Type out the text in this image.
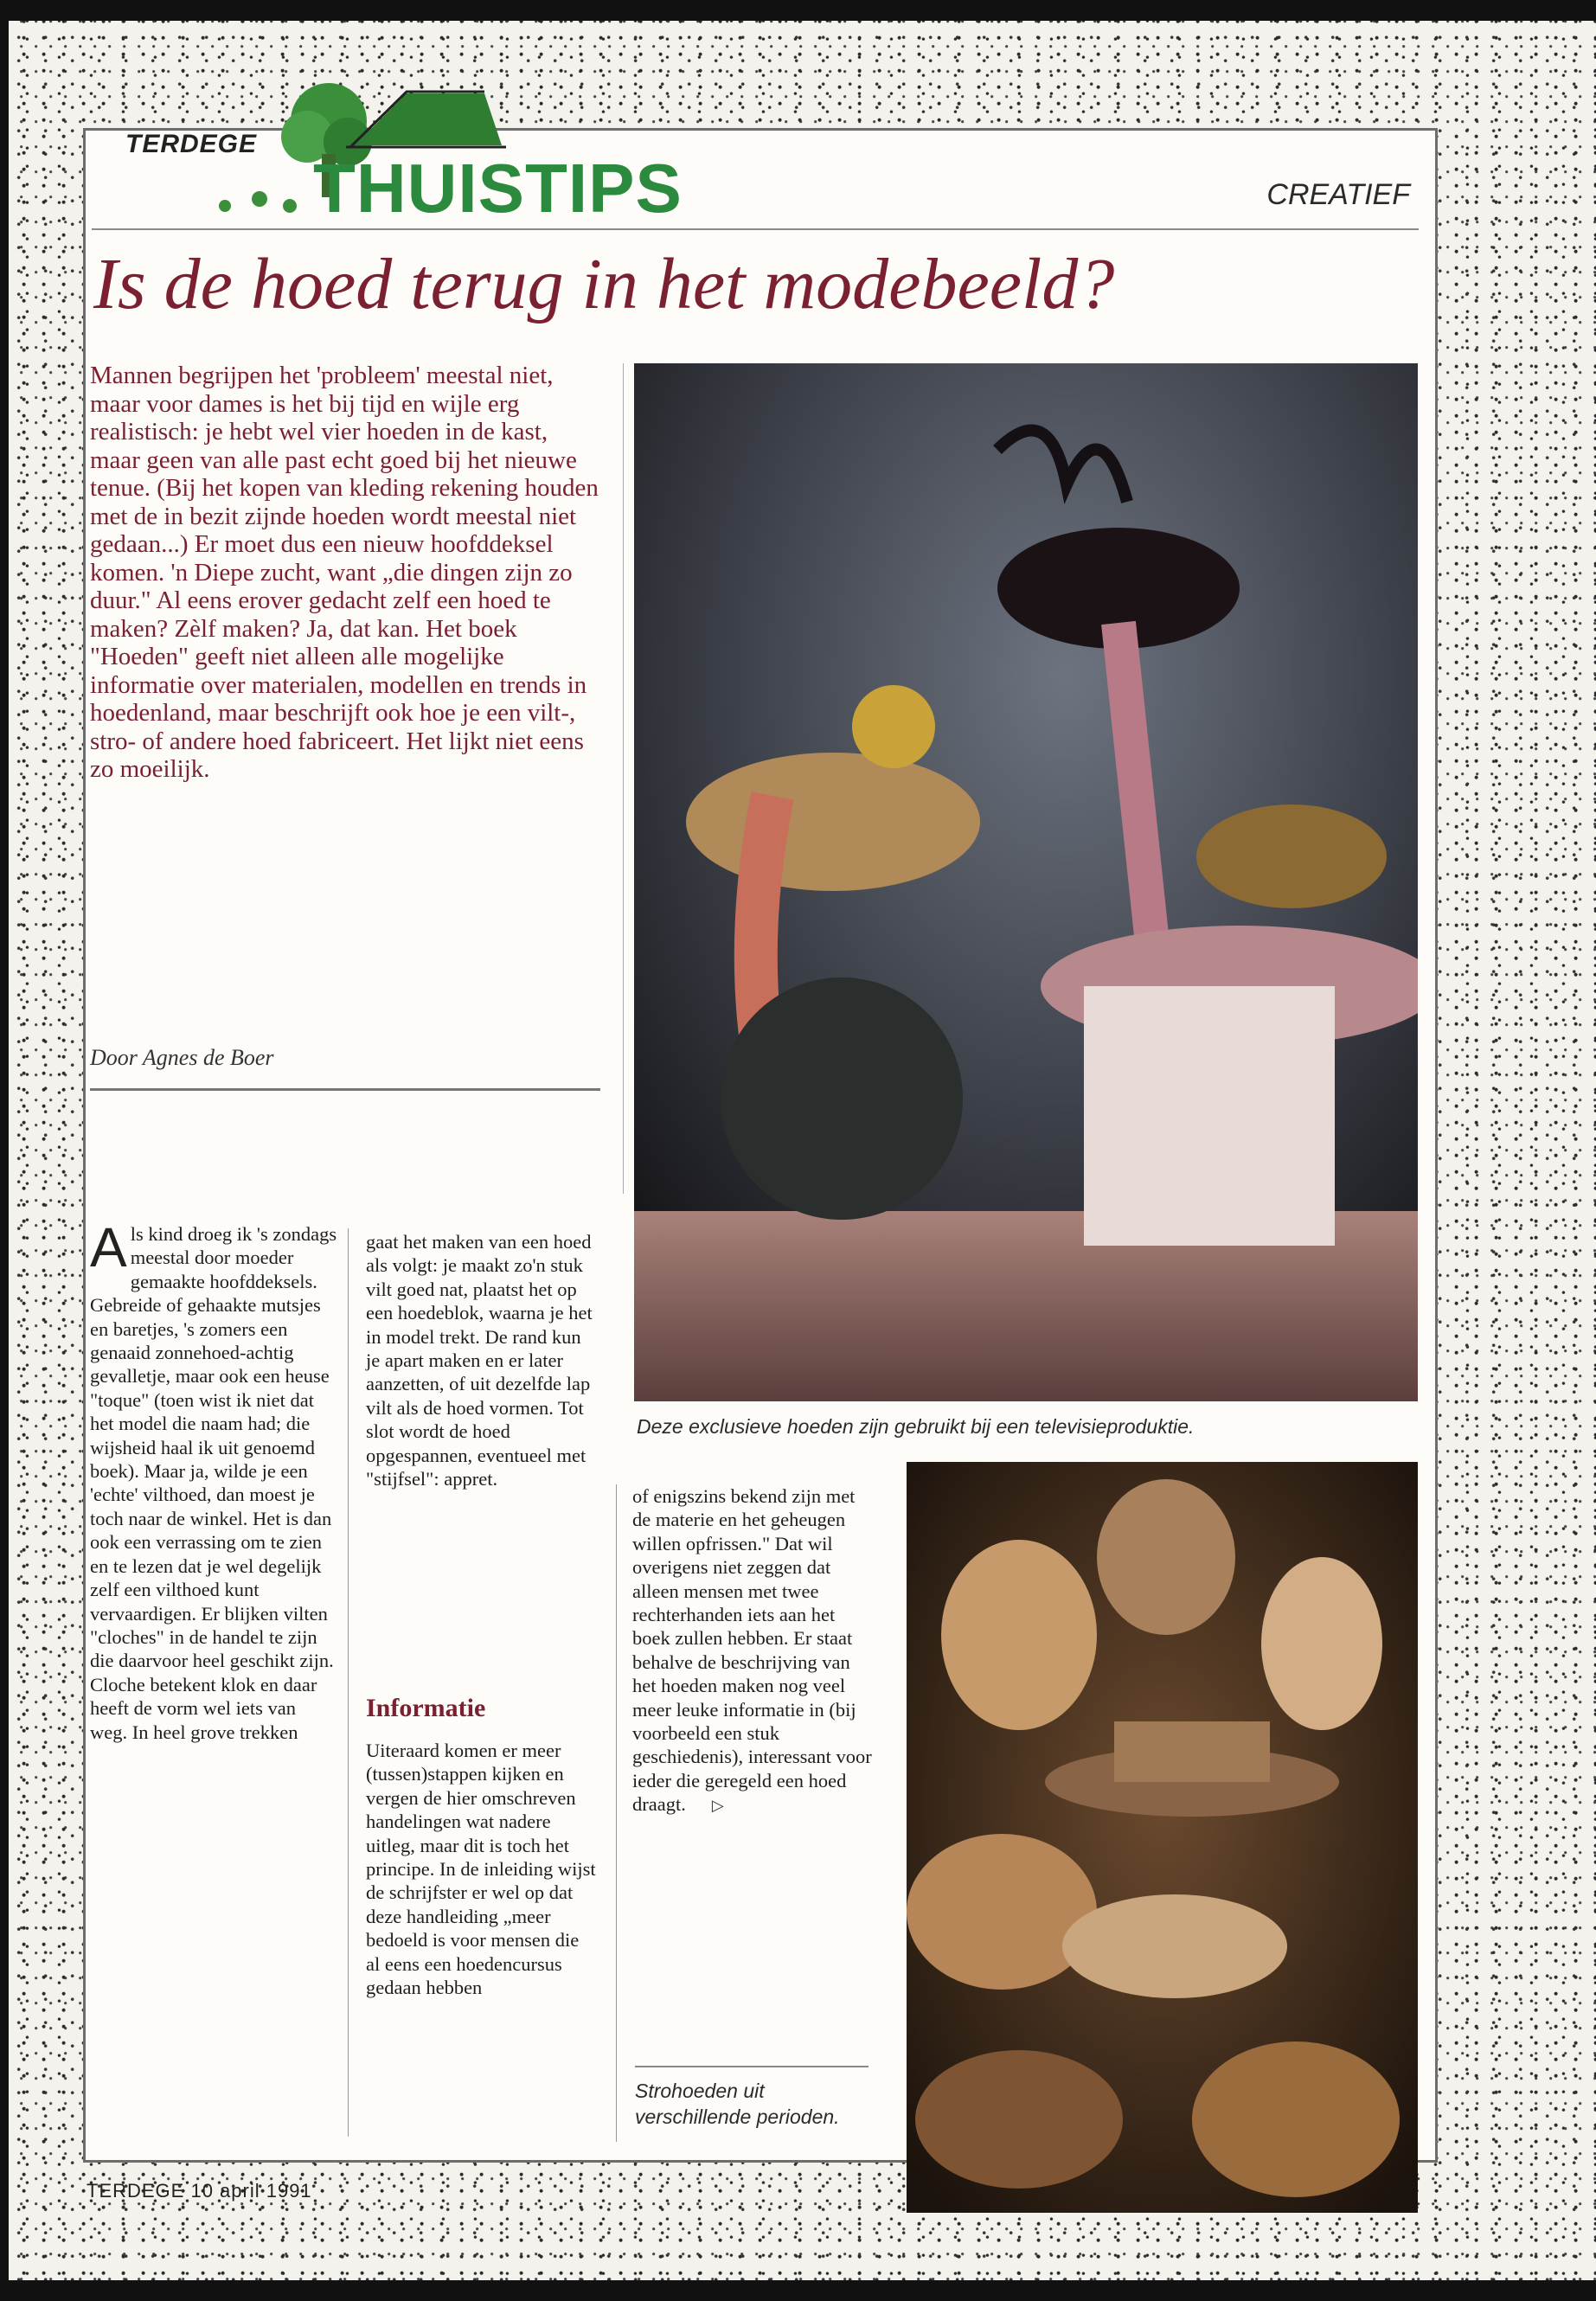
TERDEGE
THUISTIPS	CREATIEF
Is de hoed terug in het modebeeld?

Mannen begrijpen het 'probleem' meestal niet, maar voor dames is het bij tijd en wijle erg realistisch: je hebt wel vier hoeden in de kast, maar geen van alle past echt goed bij het nieuwe tenue. (Bij het kopen van kleding rekening houden met de in bezit zijnde hoeden wordt meestal niet gedaan...) Er moet dus een nieuw hoofddeksel komen. 'n Diepe zucht, want „die dingen zijn zo duur." Al eens erover gedacht zelf een hoed te maken? Zèlf maken? Ja, dat kan. Het boek "Hoeden" geeft niet alleen alle mogelijke informatie over materialen, modellen en trends in hoedenland, maar beschrijft ook hoe je een vilt-, stro- of andere hoed fabriceert. Het lijkt niet eens zo moeilijk.

Door Agnes de Boer
Deze exclusieve hoeden zijn gebruikt bij een televisieproduktie.

Als kind droeg ik 's zondags meestal door moeder gemaakte hoofddeksels. Gebreide of gehaakte mutsjes en baretjes, 's zomers een genaaid zonnehoed-achtig gevalletje, maar ook een heuse "toque" (toen wist ik niet dat het model die naam had; die wijsheid haal ik uit genoemd boek). Maar ja, wilde je een 'echte' vilthoed, dan moest je toch naar de winkel. Het is dan ook een verrassing om te zien en te lezen dat je wel degelijk zelf een vilthoed kunt vervaardigen. Er blijken vilten "cloches" in de handel te zijn die daarvoor heel geschikt zijn. Cloche betekent klok en daar heeft de vorm wel iets van weg. In heel grove trekken

gaat het maken van een hoed als volgt: je maakt zo'n stuk vilt goed nat, plaatst het op een hoedeblok, waarna je het in model trekt. De rand kun je apart maken en er later aanzetten, of uit dezelfde lap vilt als de hoed vormen. Tot slot wordt de hoed opgespannen, eventueel met "stijfsel": appret.

Informatie

Uiteraard komen er meer (tussen)stappen kijken en vergen de hier omschreven handelingen wat nadere uitleg, maar dit is toch het principe. In de inleiding wijst de schrijfster er wel op dat deze handleiding „meer bedoeld is voor mensen die al eens een hoedencursus gedaan hebben

of enigszins bekend zijn met de materie en het geheugen willen opfrissen." Dat wil overigens niet zeggen dat alleen mensen met twee rechterhanden iets aan het boek zullen hebben. Er staat behalve de beschrijving van het hoeden maken nog veel meer leuke informatie in (bij voorbeeld een stuk geschiedenis), interessant voor ieder die geregeld een hoed draagt. ▷

Strohoeden uit verschillende perioden.
TERDEGE 10 april 1991
